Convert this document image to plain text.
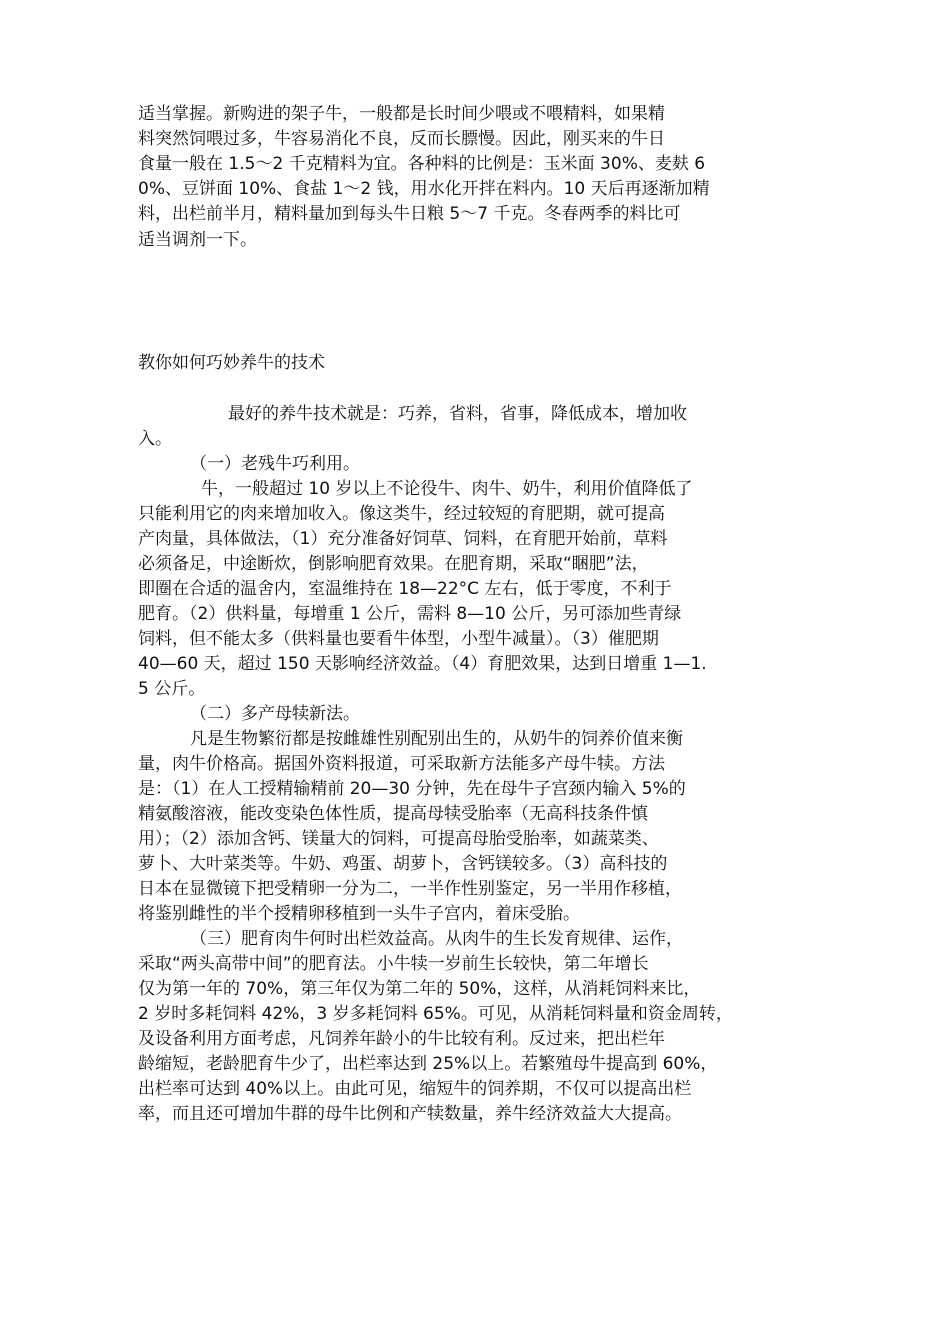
适当掌握。新购进的架子牛，一般都是长时间少喂或不喂精料，如果精
料突然饲喂过多，牛容易消化不良，反而长膘慢。因此，刚买来的牛日
食量一般在 1.5～2 千克精料为宜。各种料的比例是：玉米面 30%、麦麸 6
0%、豆饼面 10%、食盐 1～2 钱，用水化开拌在料内。10 天后再逐渐加精
料，出栏前半月，精料量加到每头牛日粮 5～7 千克。冬春两季的料比可
适当调剂一下。
教你如何巧妙养牛的技术
最好的养牛技术就是：巧养，省料，省事，降低成本，增加收
入。
（一）老残牛巧利用。
牛，一般超过 10 岁以上不论役牛、肉牛、奶牛，利用价值降低了
只能利用它的肉来增加收入。像这类牛，经过较短的育肥期，就可提高
产肉量，具体做法，（1）充分准备好饲草、饲料，在育肥开始前，草料
必须备足，中途断炊，倒影响肥育效果。在肥育期，采取“睏肥”法，
即圈在合适的温舍内，室温维持在 18—22°C 左右，低于零度，不利于
肥育。（2）供料量，每增重 1 公斤，需料 8—10 公斤，另可添加些青绿
饲料，但不能太多（供料量也要看牛体型，小型牛减量）。（3）催肥期
40—60 天，超过 150 天影响经济效益。（4）育肥效果，达到日增重 1—1.
5 公斤。
（二）多产母犊新法。
凡是生物繁衍都是按雌雄性别配别出生的，从奶牛的饲养价值来衡
量，肉牛价格高。据国外资料报道，可采取新方法能多产母牛犊。方法
是：（1）在人工授精输精前 20—30 分钟，先在母牛子宫颈内输入 5%的
精氨酸溶液，能改变染色体性质，提高母犊受胎率（无高科技条件慎
用）；（2）添加含钙、镁量大的饲料，可提高母胎受胎率，如蔬菜类、
萝卜、大叶菜类等。牛奶、鸡蛋、胡萝卜，含钙镁较多。（3）高科技的
日本在显微镜下把受精卵一分为二，一半作性别鉴定，另一半用作移植，
将鉴别雌性的半个授精卵移植到一头牛子宫内，着床受胎。
（三）肥育肉牛何时出栏效益高。从肉牛的生长发育规律、运作，
采取“两头高带中间”的肥育法。小牛犊一岁前生长较快，第二年增长
仅为第一年的 70%，第三年仅为第二年的 50%，这样，从消耗饲料来比，
2 岁时多耗饲料 42%，3 岁多耗饲料 65%。可见，从消耗饲料量和资金周转，
及设备利用方面考虑，凡饲养年龄小的牛比较有利。反过来，把出栏年
龄缩短，老龄肥育牛少了，出栏率达到 25%以上。若繁殖母牛提高到 60%，
出栏率可达到 40%以上。由此可见，缩短牛的饲养期，不仅可以提高出栏
率，而且还可增加牛群的母牛比例和产犊数量，养牛经济效益大大提高。
